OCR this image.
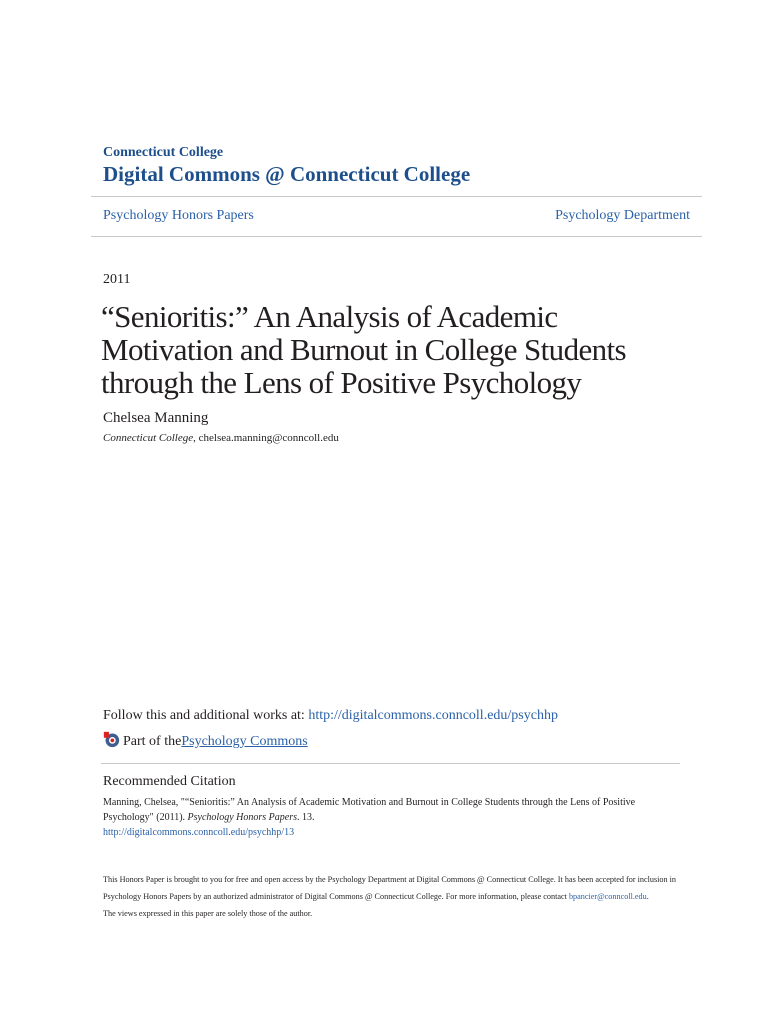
Connecticut College
Digital Commons @ Connecticut College
Psychology Honors Papers	Psychology Department
2011
“Senioritis:” An Analysis of Academic Motivation and Burnout in College Students through the Lens of Positive Psychology
Chelsea Manning
Connecticut College, chelsea.manning@conncoll.edu
Follow this and additional works at: http://digitalcommons.conncoll.edu/psychhp
Part of the Psychology Commons
Recommended Citation
Manning, Chelsea, "“Senioritis:” An Analysis of Academic Motivation and Burnout in College Students through the Lens of Positive Psychology" (2011). Psychology Honors Papers. 13.
http://digitalcommons.conncoll.edu/psychhp/13
This Honors Paper is brought to you for free and open access by the Psychology Department at Digital Commons @ Connecticut College. It has been accepted for inclusion in Psychology Honors Papers by an authorized administrator of Digital Commons @ Connecticut College. For more information, please contact bpancier@conncoll.edu.
The views expressed in this paper are solely those of the author.
